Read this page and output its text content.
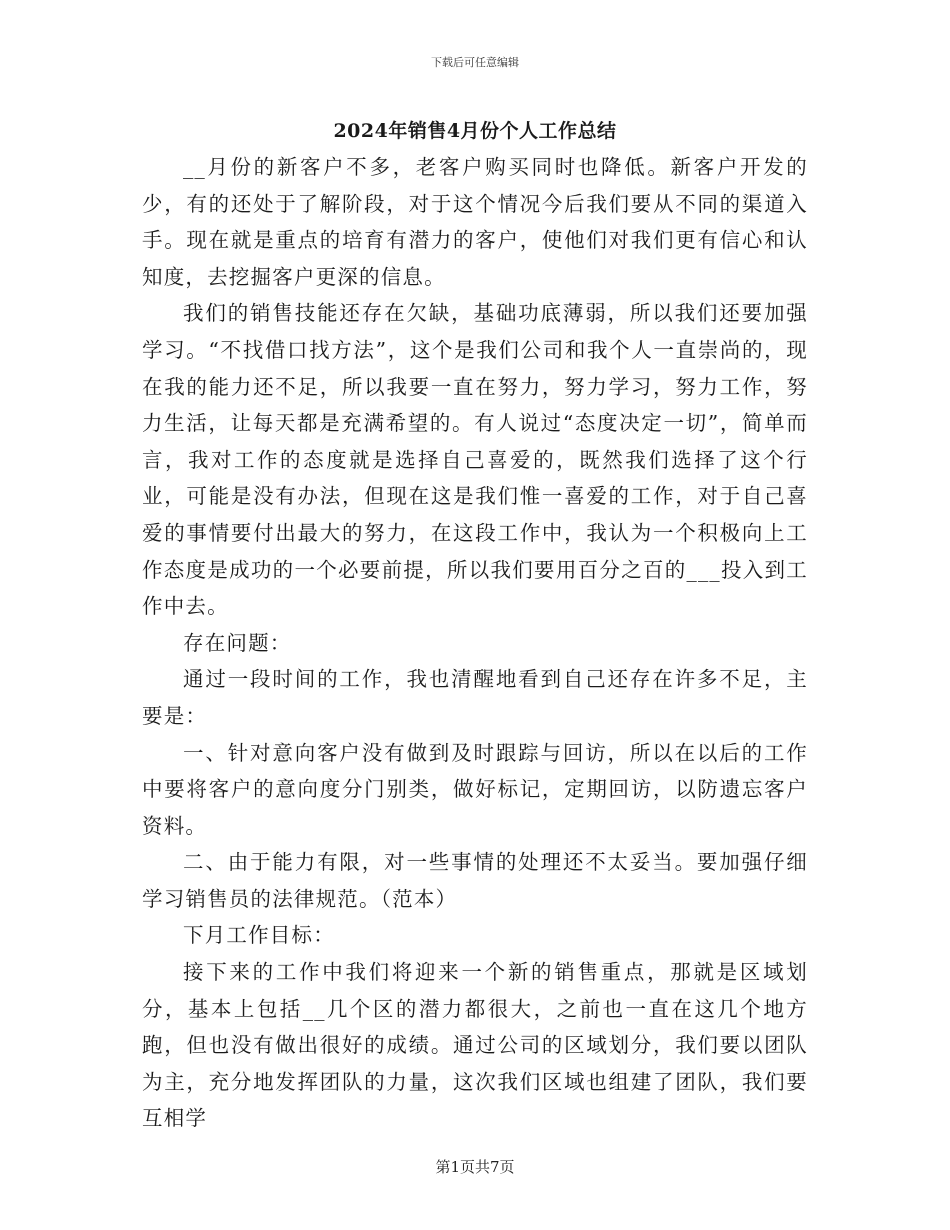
下载后可任意编辑
2024年销售4月份个人工作总结

__月份的新客户不多，老客户购买同时也降低。新客户开发的少，有的还处于了解阶段，对于这个情况今后我们要从不同的渠道入手。现在就是重点的培育有潜力的客户，使他们对我们更有信心和认知度，去挖掘客户更深的信息。

我们的销售技能还存在欠缺，基础功底薄弱，所以我们还要加强学习。“不找借口找方法”，这个是我们公司和我个人一直崇尚的，现在我的能力还不足，所以我要一直在努力，努力学习，努力工作，努力生活，让每天都是充满希望的。有人说过“态度决定一切”，简单而言，我对工作的态度就是选择自己喜爱的，既然我们选择了这个行业，可能是没有办法，但现在这是我们惟一喜爱的工作，对于自己喜爱的事情要付出最大的努力，在这段工作中，我认为一个积极向上工作态度是成功的一个必要前提，所以我们要用百分之百的___投入到工作中去。

存在问题：

通过一段时间的工作，我也清醒地看到自己还存在许多不足，主要是：

一、针对意向客户没有做到及时跟踪与回访，所以在以后的工作中要将客户的意向度分门别类，做好标记，定期回访，以防遗忘客户资料。

二、由于能力有限，对一些事情的处理还不太妥当。要加强仔细学习销售员的法律规范。（范本）

下月工作目标：

接下来的工作中我们将迎来一个新的销售重点，那就是区域划分，基本上包括__几个区的潜力都很大，之前也一直在这几个地方跑，但也没有做出很好的成绩。通过公司的区域划分，我们要以团队为主，充分地发挥团队的力量，这次我们区域也组建了团队，我们要互相学

第1页共7页
